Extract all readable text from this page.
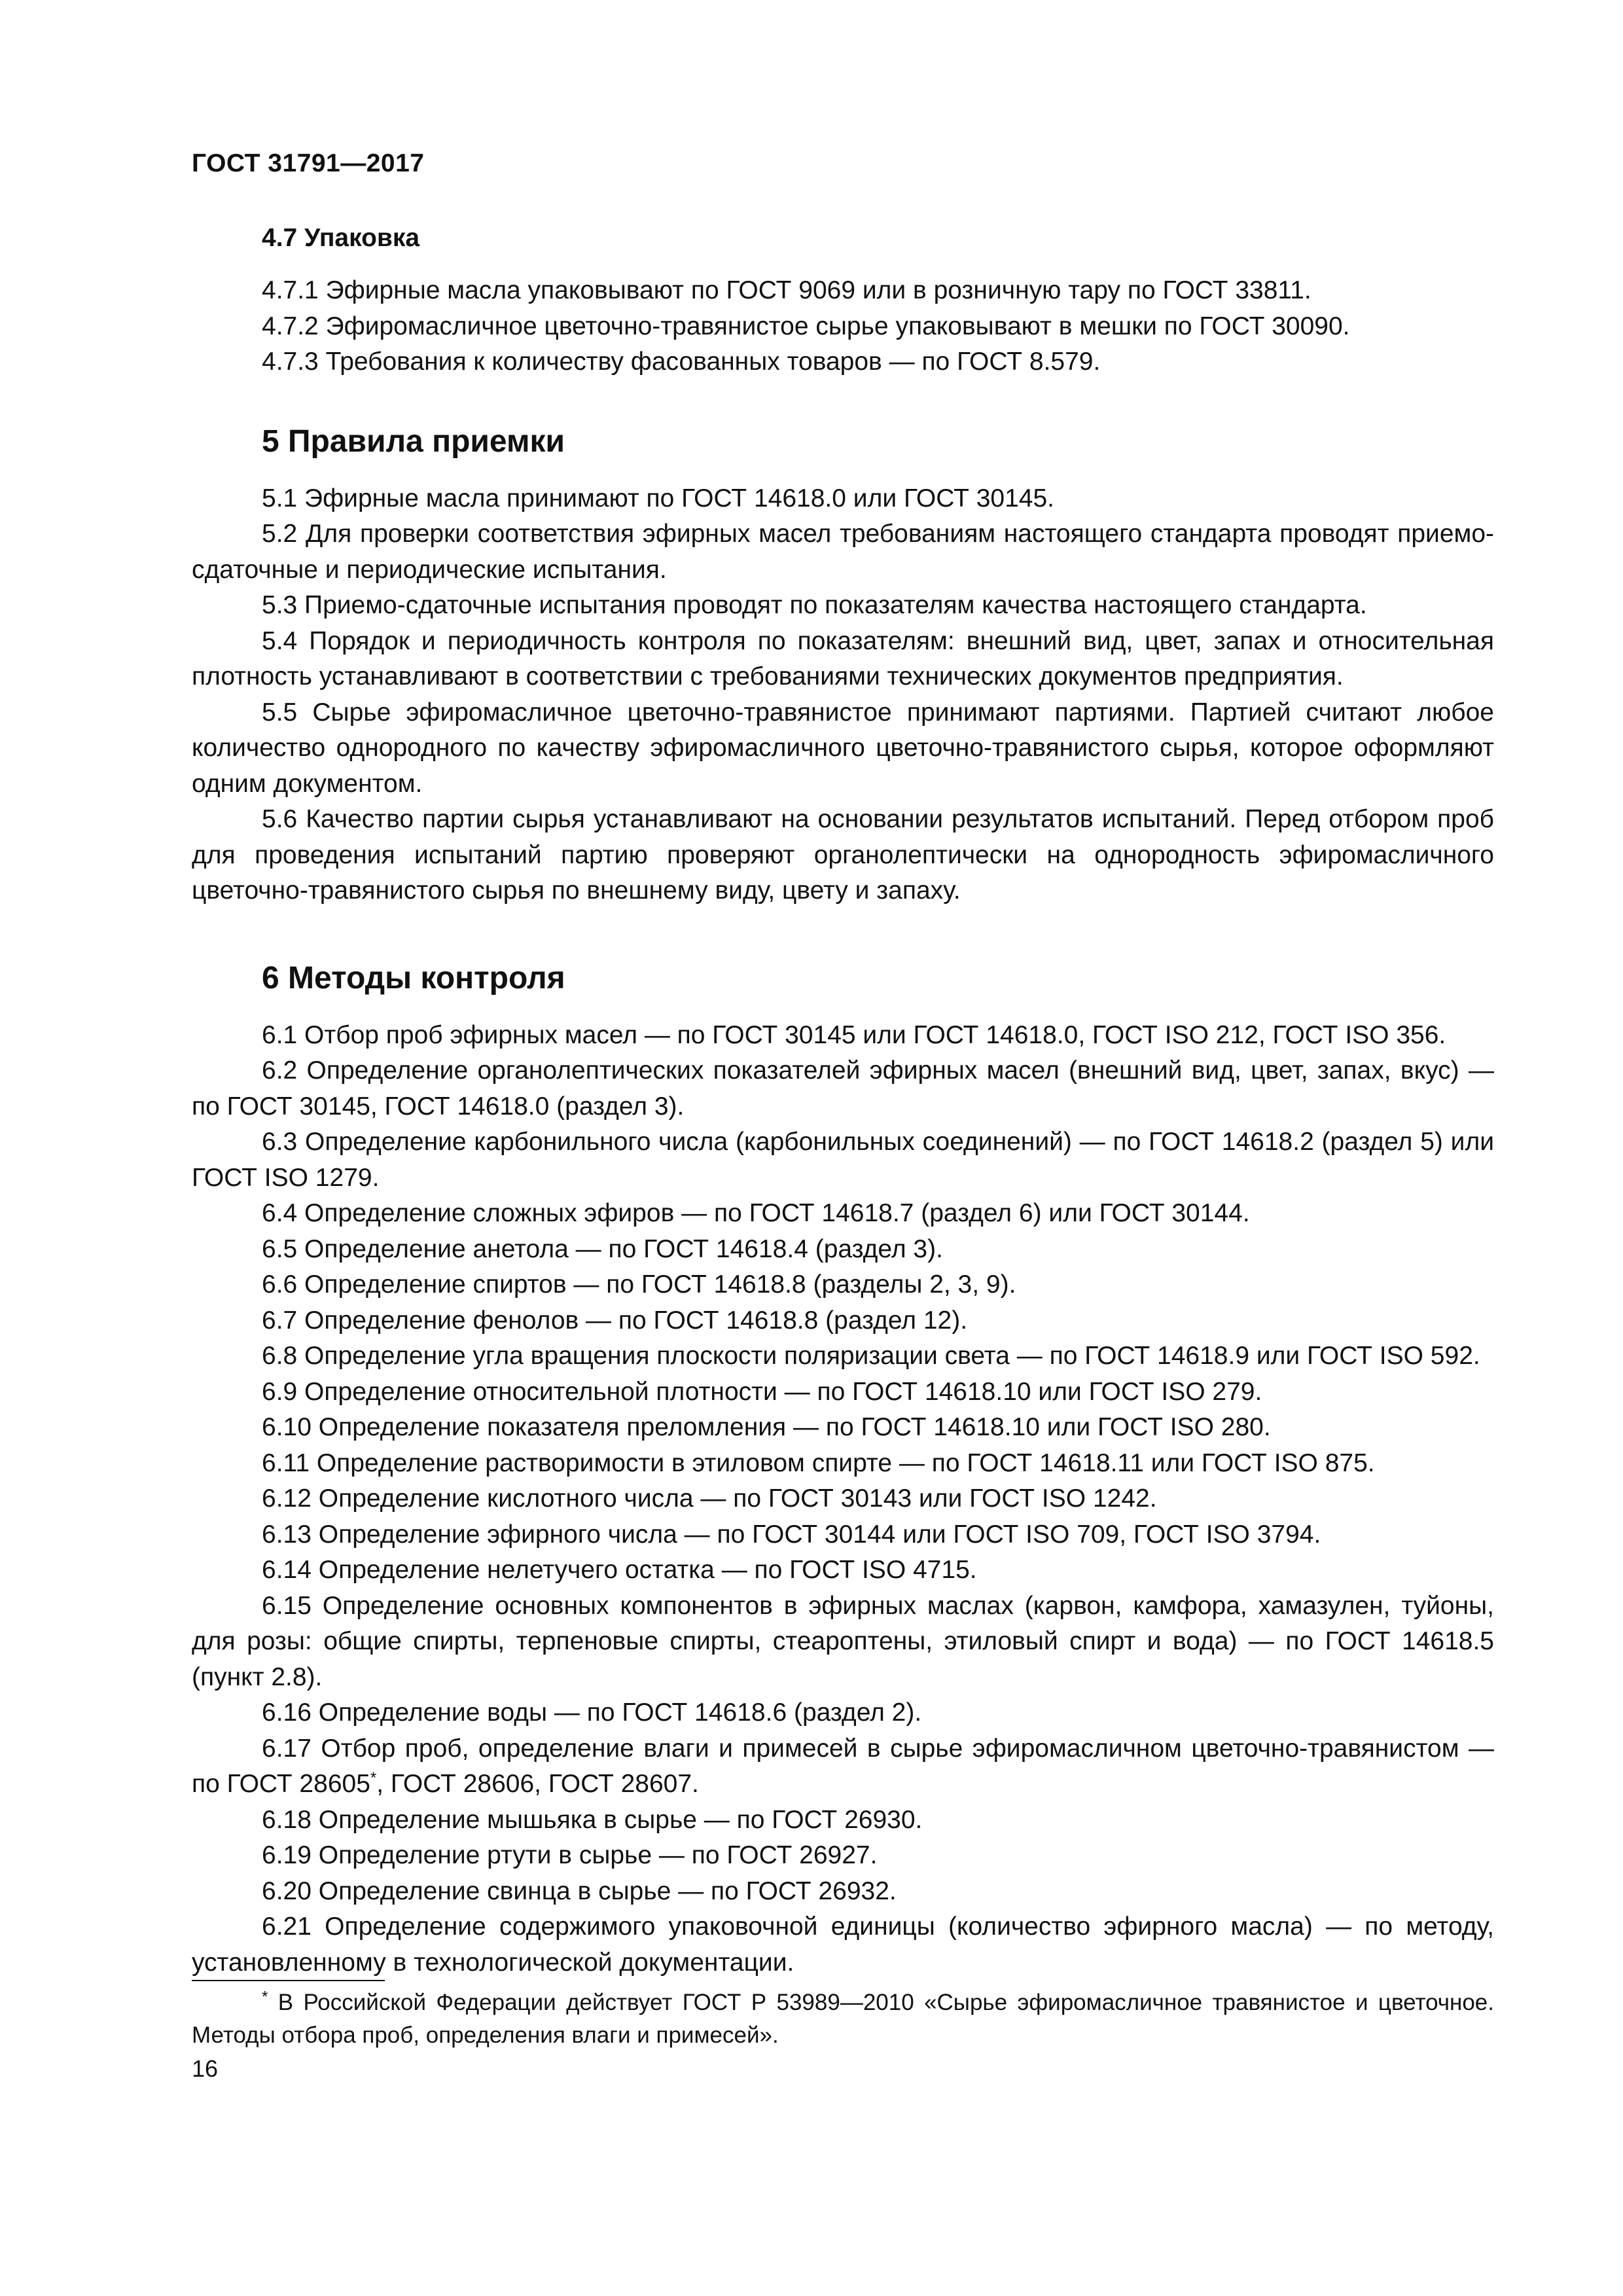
ГОСТ 31791—2017
4.7 Упаковка

4.7.1 Эфирные масла упаковывают по ГОСТ 9069 или в розничную тару по ГОСТ 33811.

4.7.2 Эфиромасличное цветочно-травянистое сырье упаковывают в мешки по ГОСТ 30090.

4.7.3 Требования к количеству фасованных товаров — по ГОСТ 8.579.

5 Правила приемки

5.1 Эфирные масла принимают по ГОСТ 14618.0 или ГОСТ 30145.

5.2 Для проверки соответствия эфирных масел требованиям настоящего стандарта проводят приемо-сдаточные и периодические испытания.

5.3 Приемо-сдаточные испытания проводят по показателям качества настоящего стандарта.

5.4 Порядок и периодичность контроля по показателям: внешний вид, цвет, запах и относительная плотность устанавливают в соответствии с требованиями технических документов предприятия.

5.5 Сырье эфиромасличное цветочно-травянистое принимают партиями. Партией считают любое количество однородного по качеству эфиромасличного цветочно-травянистого сырья, которое оформляют одним документом.

5.6 Качество партии сырья устанавливают на основании результатов испытаний. Перед отбором проб для проведения испытаний партию проверяют органолептически на однородность эфиромасличного цветочно-травянистого сырья по внешнему виду, цвету и запаху.

6 Методы контроля

6.1 Отбор проб эфирных масел — по ГОСТ 30145 или ГОСТ 14618.0, ГОСТ ISO 212, ГОСТ ISO 356.

6.2 Определение органолептических показателей эфирных масел (внешний вид, цвет, запах, вкус) — по ГОСТ 30145, ГОСТ 14618.0 (раздел 3).

6.3 Определение карбонильного числа (карбонильных соединений) — по ГОСТ 14618.2 (раздел 5) или ГОСТ ISO 1279.

6.4 Определение сложных эфиров — по ГОСТ 14618.7 (раздел 6) или ГОСТ 30144.

6.5 Определение анетола — по ГОСТ 14618.4 (раздел 3).

6.6 Определение спиртов — по ГОСТ 14618.8 (разделы 2, 3, 9).

6.7 Определение фенолов — по ГОСТ 14618.8 (раздел 12).

6.8 Определение угла вращения плоскости поляризации света — по ГОСТ 14618.9 или ГОСТ ISO 592.

6.9 Определение относительной плотности — по ГОСТ 14618.10 или ГОСТ ISO 279.

6.10 Определение показателя преломления — по ГОСТ 14618.10 или ГОСТ ISO 280.

6.11 Определение растворимости в этиловом спирте — по ГОСТ 14618.11 или ГОСТ ISO 875.

6.12 Определение кислотного числа — по ГОСТ 30143 или ГОСТ ISO 1242.

6.13 Определение эфирного числа — по ГОСТ 30144 или ГОСТ ISO 709, ГОСТ ISO 3794.

6.14 Определение нелетучего остатка — по ГОСТ ISO 4715.

6.15 Определение основных компонентов в эфирных маслах (карвон, камфора, хамазулен, туйоны, для розы: общие спирты, терпеновые спирты, стеароптены, этиловый спирт и вода) — по ГОСТ 14618.5 (пункт 2.8).

6.16 Определение воды — по ГОСТ 14618.6 (раздел 2).

6.17 Отбор проб, определение влаги и примесей в сырье эфиромасличном цветочно-травянистом — по ГОСТ 28605*, ГОСТ 28606, ГОСТ 28607.

6.18 Определение мышьяка в сырье — по ГОСТ 26930.

6.19 Определение ртути в сырье — по ГОСТ 26927.

6.20 Определение свинца в сырье — по ГОСТ 26932.

6.21 Определение содержимого упаковочной единицы (количество эфирного масла) — по методу, установленному в технологической документации.

* В Российской Федерации действует ГОСТ Р 53989—2010 «Сырье эфиромасличное травянистое и цветочное. Методы отбора проб, определения влаги и примесей».

16
